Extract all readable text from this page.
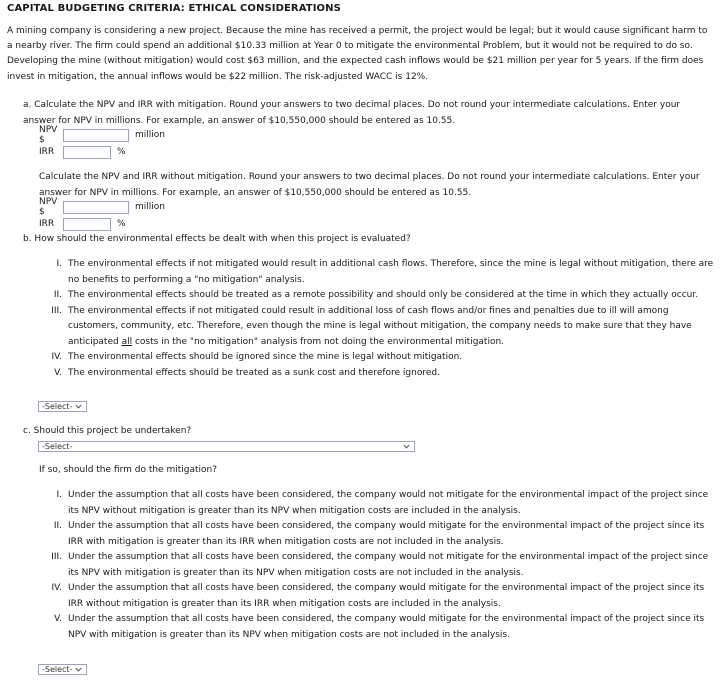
CAPITAL BUDGETING CRITERIA: ETHICAL CONSIDERATIONS
A mining company is considering a new project. Because the mine has received a permit, the project would be legal; but it would cause significant harm to a nearby river. The firm could spend an additional $10.33 million at Year 0 to mitigate the environmental Problem, but it would not be required to do so. Developing the mine (without mitigation) would cost $63 million, and the expected cash inflows would be $21 million per year for 5 years. If the firm does invest in mitigation, the annual inflows would be $22 million. The risk-adjusted WACC is 12%.
a. Calculate the NPV and IRR with mitigation. Round your answers to two decimal places. Do not round your intermediate calculations. Enter your answer for NPV in millions. For example, an answer of $10,550,000 should be entered as 10.55.
NPV $	million
IRR	%
Calculate the NPV and IRR without mitigation. Round your answers to two decimal places. Do not round your intermediate calculations. Enter your answer for NPV in millions. For example, an answer of $10,550,000 should be entered as 10.55.
NPV $	million
IRR	%
b. How should the environmental effects be dealt with when this project is evaluated?
I. The environmental effects if not mitigated would result in additional cash flows. Therefore, since the mine is legal without mitigation, there are no benefits to performing a "no mitigation" analysis.
II. The environmental effects should be treated as a remote possibility and should only be considered at the time in which they actually occur.
III. The environmental effects if not mitigated could result in additional loss of cash flows and/or fines and penalties due to ill will among customers, community, etc. Therefore, even though the mine is legal without mitigation, the company needs to make sure that they have anticipated all costs in the "no mitigation" analysis from not doing the environmental mitigation.
IV. The environmental effects should be ignored since the mine is legal without mitigation.
V. The environmental effects should be treated as a sunk cost and therefore ignored.
-Select-
c. Should this project be undertaken?
-Select-
If so, should the firm do the mitigation?
I. Under the assumption that all costs have been considered, the company would not mitigate for the environmental impact of the project since its NPV without mitigation is greater than its NPV when mitigation costs are included in the analysis.
II. Under the assumption that all costs have been considered, the company would mitigate for the environmental impact of the project since its IRR with mitigation is greater than its IRR when mitigation costs are not included in the analysis.
III. Under the assumption that all costs have been considered, the company would not mitigate for the environmental impact of the project since its NPV with mitigation is greater than its NPV when mitigation costs are not included in the analysis.
IV. Under the assumption that all costs have been considered, the company would mitigate for the environmental impact of the project since its IRR without mitigation is greater than its IRR when mitigation costs are included in the analysis.
V. Under the assumption that all costs have been considered, the company would mitigate for the environmental impact of the project since its NPV with mitigation is greater than its NPV when mitigation costs are not included in the analysis.
-Select-
